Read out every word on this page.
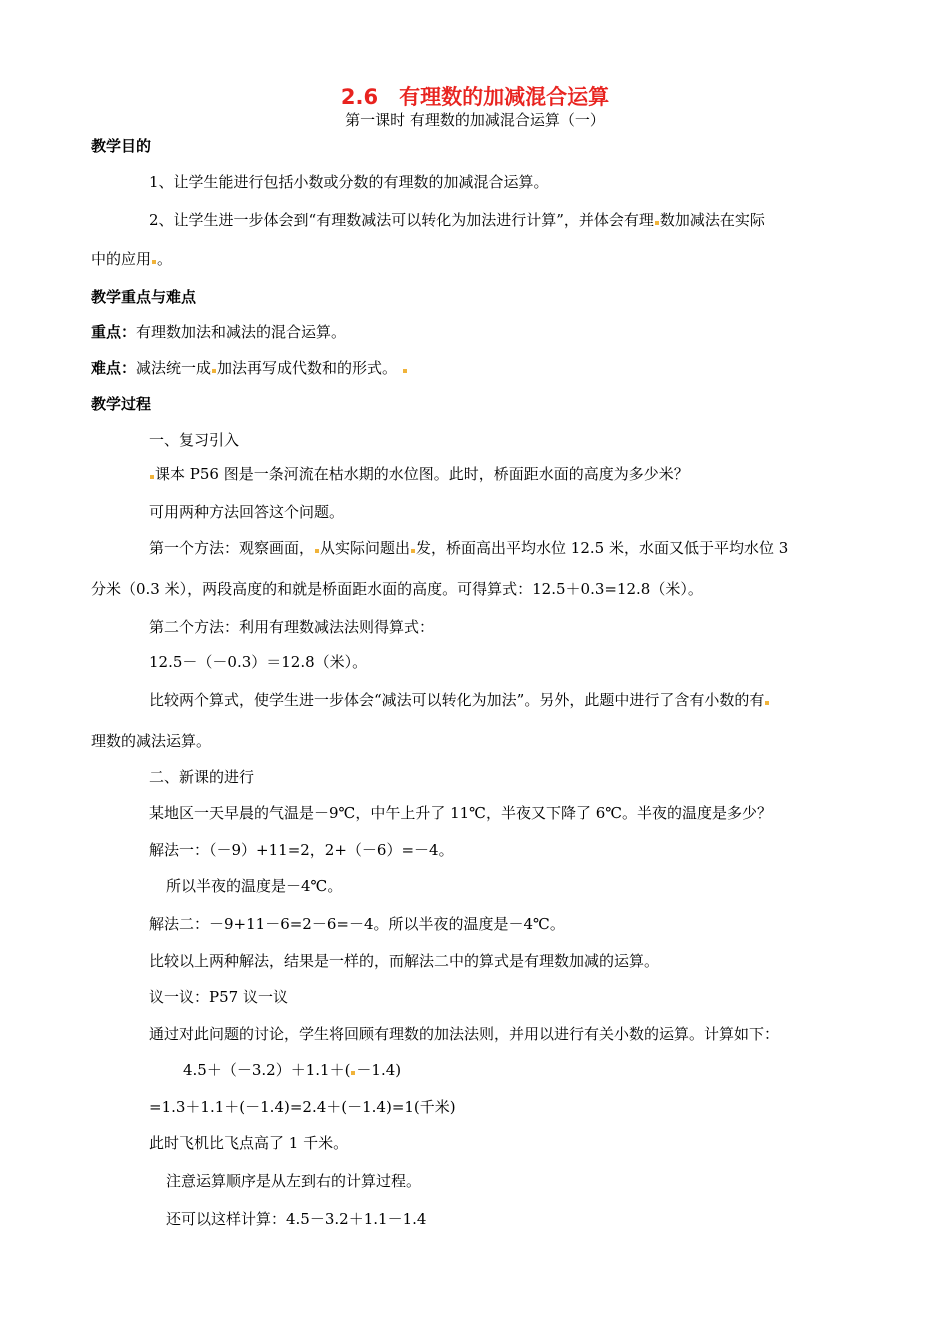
2.6　有理数的加减混合运算
第一课时 有理数的加减混合运算（一）
教学目的
1、让学生能进行包括小数或分数的有理数的加减混合运算。
2、让学生进一步体会到“有理数减法可以转化为加法进行计算”，并体会有理 数加减法在实际
中的应用 。
教学重点与难点
重点：有理数加法和减法的混合运算。
难点：减法统一成 加法再写成代数和的形式。
教学过程
一、复习引入
课本 P56 图是一条河流在枯水期的水位图。此时，桥面距水面的高度为多少米？
可用两种方法回答这个问题。
第一个方法：观察画面， 从实际问题出 发，桥面高出平均水位 12.5 米，水面又低于平均水位 3
分米（0.3 米），两段高度的和就是桥面距水面的高度。可得算式：12.5＋0.3=12.8（米）。
第二个方法：利用有理数减法法则得算式：
12.5－（－0.3）＝12.8（米）。
比较两个算式，使学生进一步体会“减法可以转化为加法”。另外，此题中进行了含有小数的有
理数的减法运算。
二、新课的进行
某地区一天早晨的气温是－9℃，中午上升了 11℃，半夜又下降了 6℃。半夜的温度是多少？
解法一：（－9）+11=2，2+（－6）=－4。
所以半夜的温度是－4℃。
解法二：－9+11－6=2－6=－4。所以半夜的温度是－4℃。
比较以上两种解法，结果是一样的，而解法二中的算式是有理数加减的运算。
议一议：P57 议一议
通过对此问题的讨论，学生将回顾有理数的加法法则，并用以进行有关小数的运算。计算如下：
4.5＋（－3.2）＋1.1＋( －1.4)
=1.3＋1.1＋(－1.4)=2.4＋(－1.4)=1(千米)
此时飞机比飞点高了 1 千米。
注意运算顺序是从左到右的计算过程。
还可以这样计算：4.5－3.2＋1.1－1.4
